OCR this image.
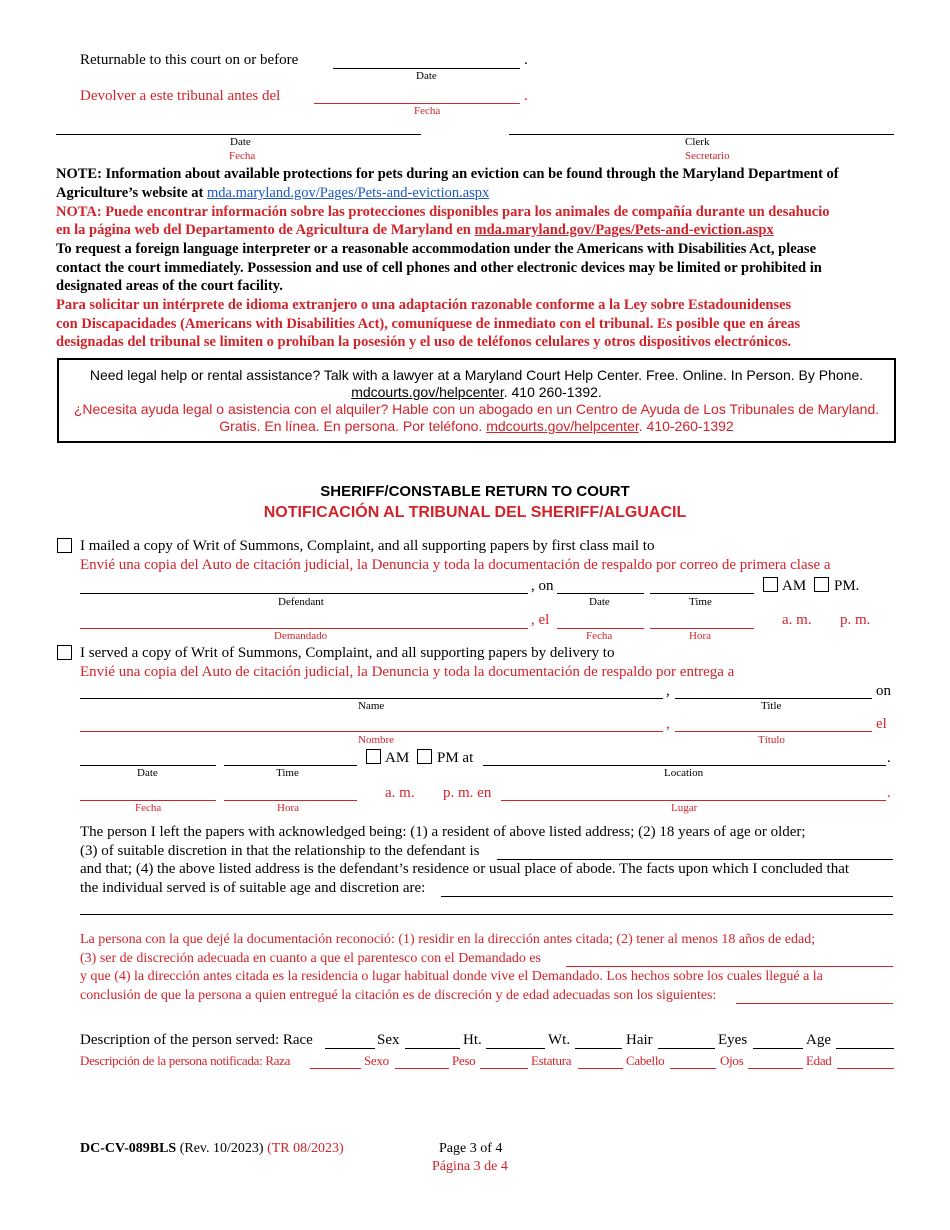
Returnable to this court on or before	.
Date
Devolver a este tribunal antes del	.
Fecha
Date
Fecha
Clerk
Secretario
NOTE: Information about available protections for pets during an eviction can be found through the Maryland Department of
Agriculture’s website at mda.maryland.gov/Pages/Pets-and-eviction.aspx
NOTA: Puede encontrar información sobre las protecciones disponibles para los animales de compañía durante un desahucio
en la página web del Departamento de Agricultura de Maryland en mda.maryland.gov/Pages/Pets-and-eviction.aspx
To request a foreign language interpreter or a reasonable accommodation under the Americans with Disabilities Act, please
contact the court immediately. Possession and use of cell phones and other electronic devices may be limited or prohibited in
designated areas of the court facility.
Para solicitar un intérprete de idioma extranjero o una adaptación razonable conforme a la Ley sobre Estadounidenses
con Discapacidades (Americans with Disabilities Act), comuníquese de inmediato con el tribunal. Es posible que en áreas
designadas del tribunal se limiten o prohíban la posesión y el uso de teléfonos celulares y otros dispositivos electrónicos.
Need legal help or rental assistance? Talk with a lawyer at a Maryland Court Help Center. Free. Online. In Person. By Phone.
mdcourts.gov/helpcenter. 410 260-1392.
¿Necesita ayuda legal o asistencia con el alquiler? Hable con un abogado en un Centro de Ayuda de Los Tribunales de Maryland.
Gratis. En línea. En persona. Por teléfono. mdcourts.gov/helpcenter. 410-260-1392
SHERIFF/CONSTABLE RETURN TO COURT
NOTIFICACIÓN AL TRIBUNAL DEL SHERIFF/ALGUACIL
I mailed a copy of Writ of Summons, Complaint, and all supporting papers by first class mail to
Envié una copia del Auto de citación judicial, la Denuncia y toda la documentación de respaldo por correo de primera clase a
, on	AM PM.
Defendant	Date	Time
, el	a. m. p. m.
Demandado	Fecha	Hora
I served a copy of Writ of Summons, Complaint, and all supporting papers by delivery to
Envié una copia del Auto de citación judicial, la Denuncia y toda la documentación de respaldo por entrega a
,	on
Name	Title
,	el
Nombre	Título
AM PM at	.
Date	Time	Location
a. m. p. m. en	.
Fecha	Hora	Lugar
The person I left the papers with acknowledged being: (1) a resident of above listed address; (2) 18 years of age or older;
(3) of suitable discretion in that the relationship to the defendant is
and that; (4) the above listed address is the defendant’s residence or usual place of abode. The facts upon which I concluded that
the individual served is of suitable age and discretion are:
La persona con la que dejé la documentación reconoció: (1) residir en la dirección antes citada; (2) tener al menos 18 años de edad;
(3) ser de discreción adecuada en cuanto a que el parentesco con el Demandado es
y que (4) la dirección antes citada es la residencia o lugar habitual donde vive el Demandado. Los hechos sobre los cuales llegué a la
conclusión de que la persona a quien entregué la citación es de discreción y de edad adecuadas son los siguientes:
Description of the person served: Race	Sex	Ht.	Wt.	Hair	Eyes	Age
Descripción de la persona notificada: Raza	Sexo	Peso	Estatura	Cabello	Ojos	Edad
DC-CV-089BLS (Rev. 10/2023) (TR 08/2023)	Page 3 of 4
Página 3 de 4
